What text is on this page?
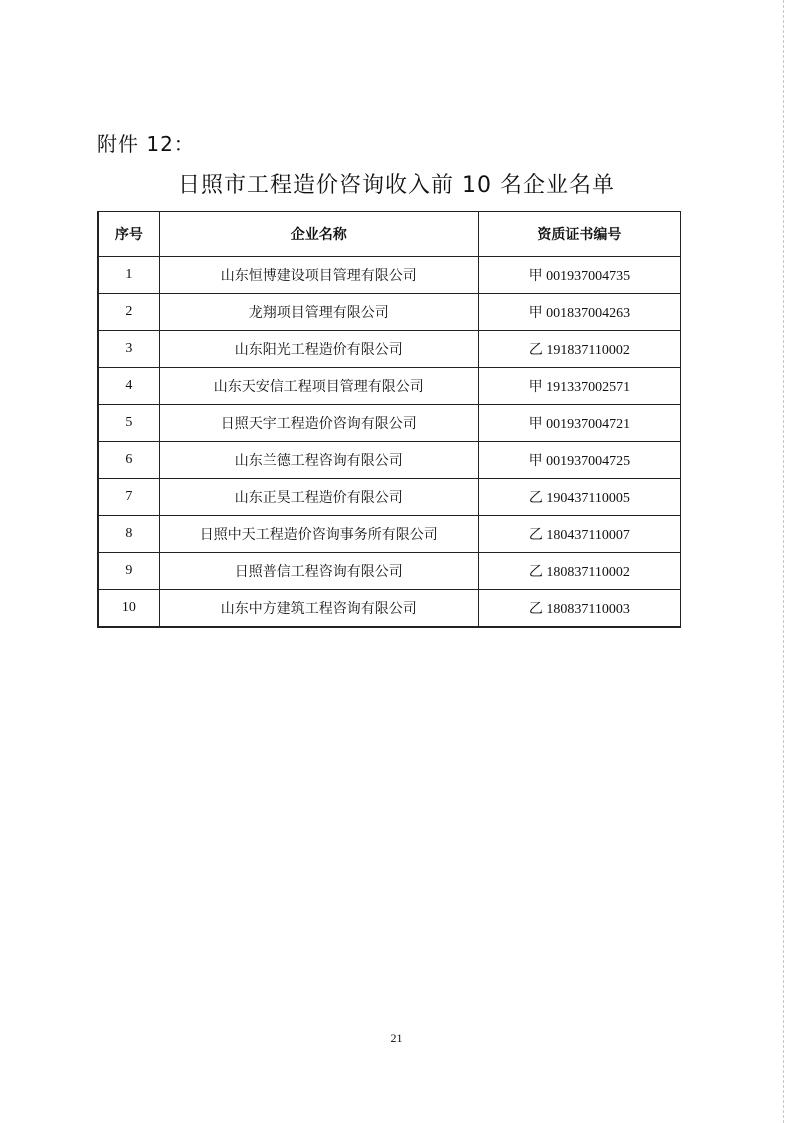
附件 12：
日照市工程造价咨询收入前 10 名企业名单
序号	企业名称	资质证书编号
1	山东恒博建设项目管理有限公司	甲 001937004735
2	龙翔项目管理有限公司	甲 001837004263
3	山东阳光工程造价有限公司	乙 191837110002
4	山东天安信工程项目管理有限公司	甲 191337002571
5	日照天宇工程造价咨询有限公司	甲 001937004721
6	山东兰德工程咨询有限公司	甲 001937004725
7	山东正昊工程造价有限公司	乙 190437110005
8	日照中天工程造价咨询事务所有限公司	乙 180437110007
9	日照普信工程咨询有限公司	乙 180837110002
10	山东中方建筑工程咨询有限公司	乙 180837110003
21
